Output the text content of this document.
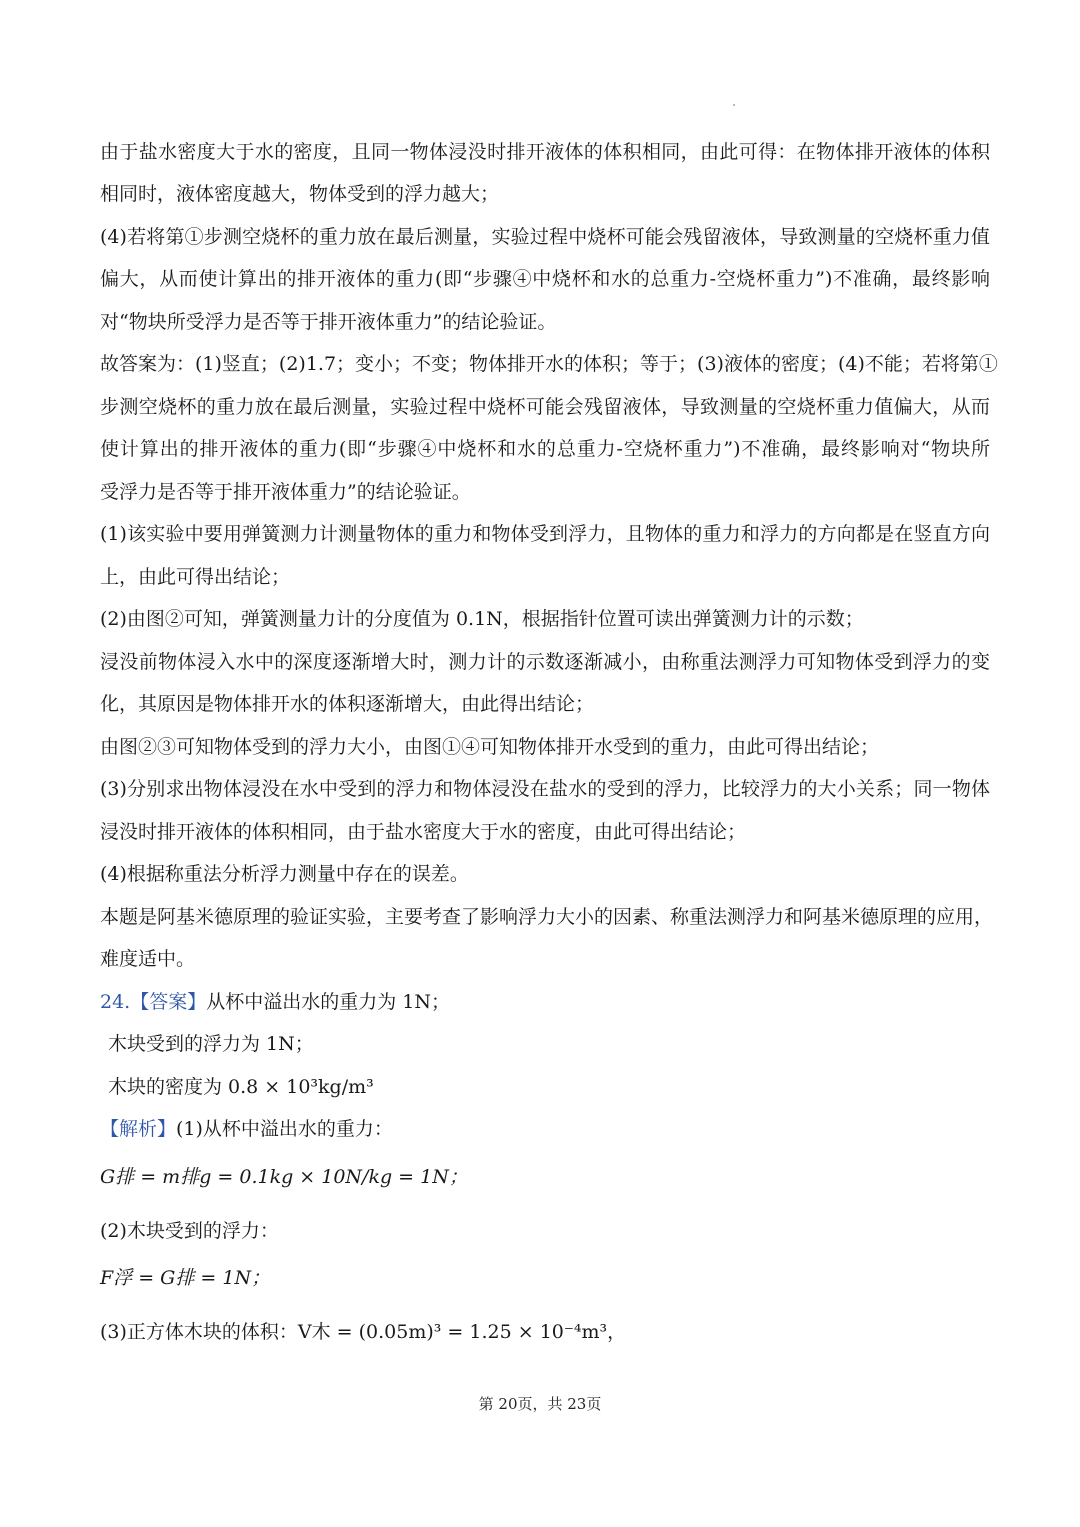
由于盐水密度大于水的密度，且同一物体浸没时排开液体的体积相同，由此可得：在物体排开液体的体积
相同时，液体密度越大，物体受到的浮力越大；
(4)若将第①步测空烧杯的重力放在最后测量，实验过程中烧杯可能会残留液体，导致测量的空烧杯重力值
偏大，从而使计算出的排开液体的重力(即“步骤④中烧杯和水的总重力-空烧杯重力”)不准确，最终影响
对“物块所受浮力是否等于排开液体重力”的结论验证。
故答案为：(1)竖直；(2)1.7；变小；不变；物体排开水的体积；等于；(3)液体的密度；(4)不能；若将第①
步测空烧杯的重力放在最后测量，实验过程中烧杯可能会残留液体，导致测量的空烧杯重力值偏大，从而
使计算出的排开液体的重力(即“步骤④中烧杯和水的总重力-空烧杯重力”)不准确，最终影响对“物块所
受浮力是否等于排开液体重力”的结论验证。
(1)该实验中要用弹簧测力计测量物体的重力和物体受到浮力，且物体的重力和浮力的方向都是在竖直方向
上，由此可得出结论；
(2)由图②可知，弹簧测量力计的分度值为 0.1N，根据指针位置可读出弹簧测力计的示数；
浸没前物体浸入水中的深度逐渐增大时，测力计的示数逐渐减小，由称重法测浮力可知物体受到浮力的变
化，其原因是物体排开水的体积逐渐增大，由此得出结论；
由图②③可知物体受到的浮力大小，由图①④可知物体排开水受到的重力，由此可得出结论；
(3)分别求出物体浸没在水中受到的浮力和物体浸没在盐水的受到的浮力，比较浮力的大小关系；同一物体
浸没时排开液体的体积相同，由于盐水密度大于水的密度，由此可得出结论；
(4)根据称重法分析浮力测量中存在的误差。
本题是阿基米德原理的验证实验，主要考查了影响浮力大小的因素、称重法测浮力和阿基米德原理的应用，
难度适中。
24.【答案】从杯中溢出水的重力为 1N；
木块受到的浮力为 1N；
木块的密度为 0.8 × 10³kg/m³
【解析】(1)从杯中溢出水的重力：
G排 = m排g = 0.1kg × 10N/kg = 1N；
(2)木块受到的浮力：
F浮 = G排 = 1N；
(3)正方体木块的体积：V木 = (0.05m)³ = 1.25 × 10⁻⁴m³，
第 20页，共 23页
